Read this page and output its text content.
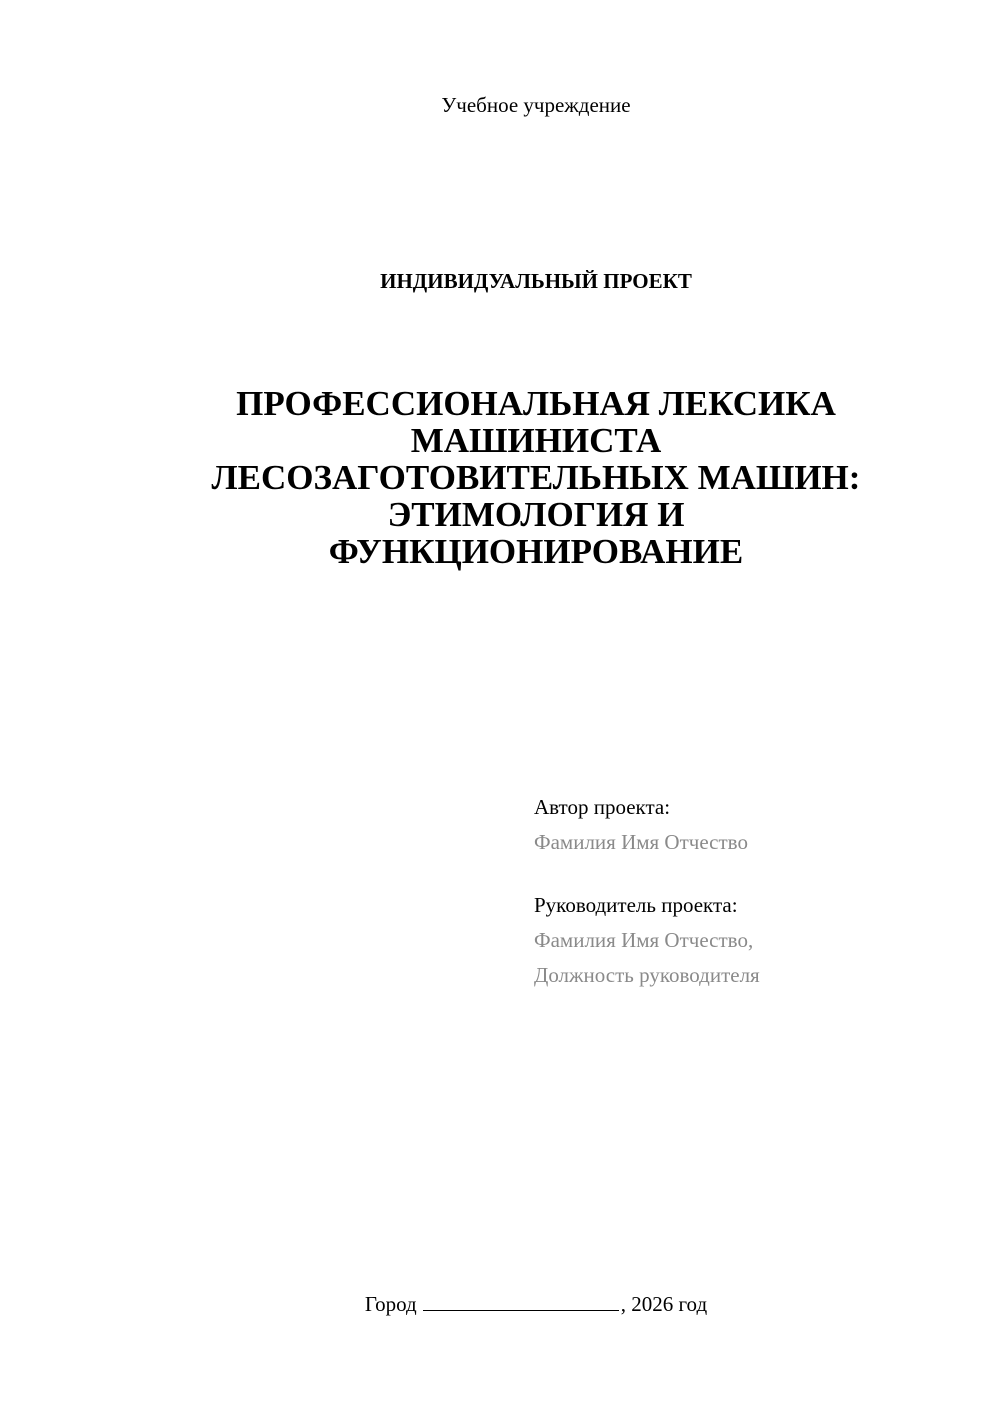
Учебное учреждение
ИНДИВИДУАЛЬНЫЙ ПРОЕКТ
ПРОФЕССИОНАЛЬНАЯ ЛЕКСИКА
МАШИНИСТА
ЛЕСОЗАГОТОВИТЕЛЬНЫХ МАШИН:
ЭТИМОЛОГИЯ И
ФУНКЦИОНИРОВАНИЕ
Автор проекта:
Фамилия Имя Отчество
Руководитель проекта:
Фамилия Имя Отчество,
Должность руководителя
Город	, 2026 год
